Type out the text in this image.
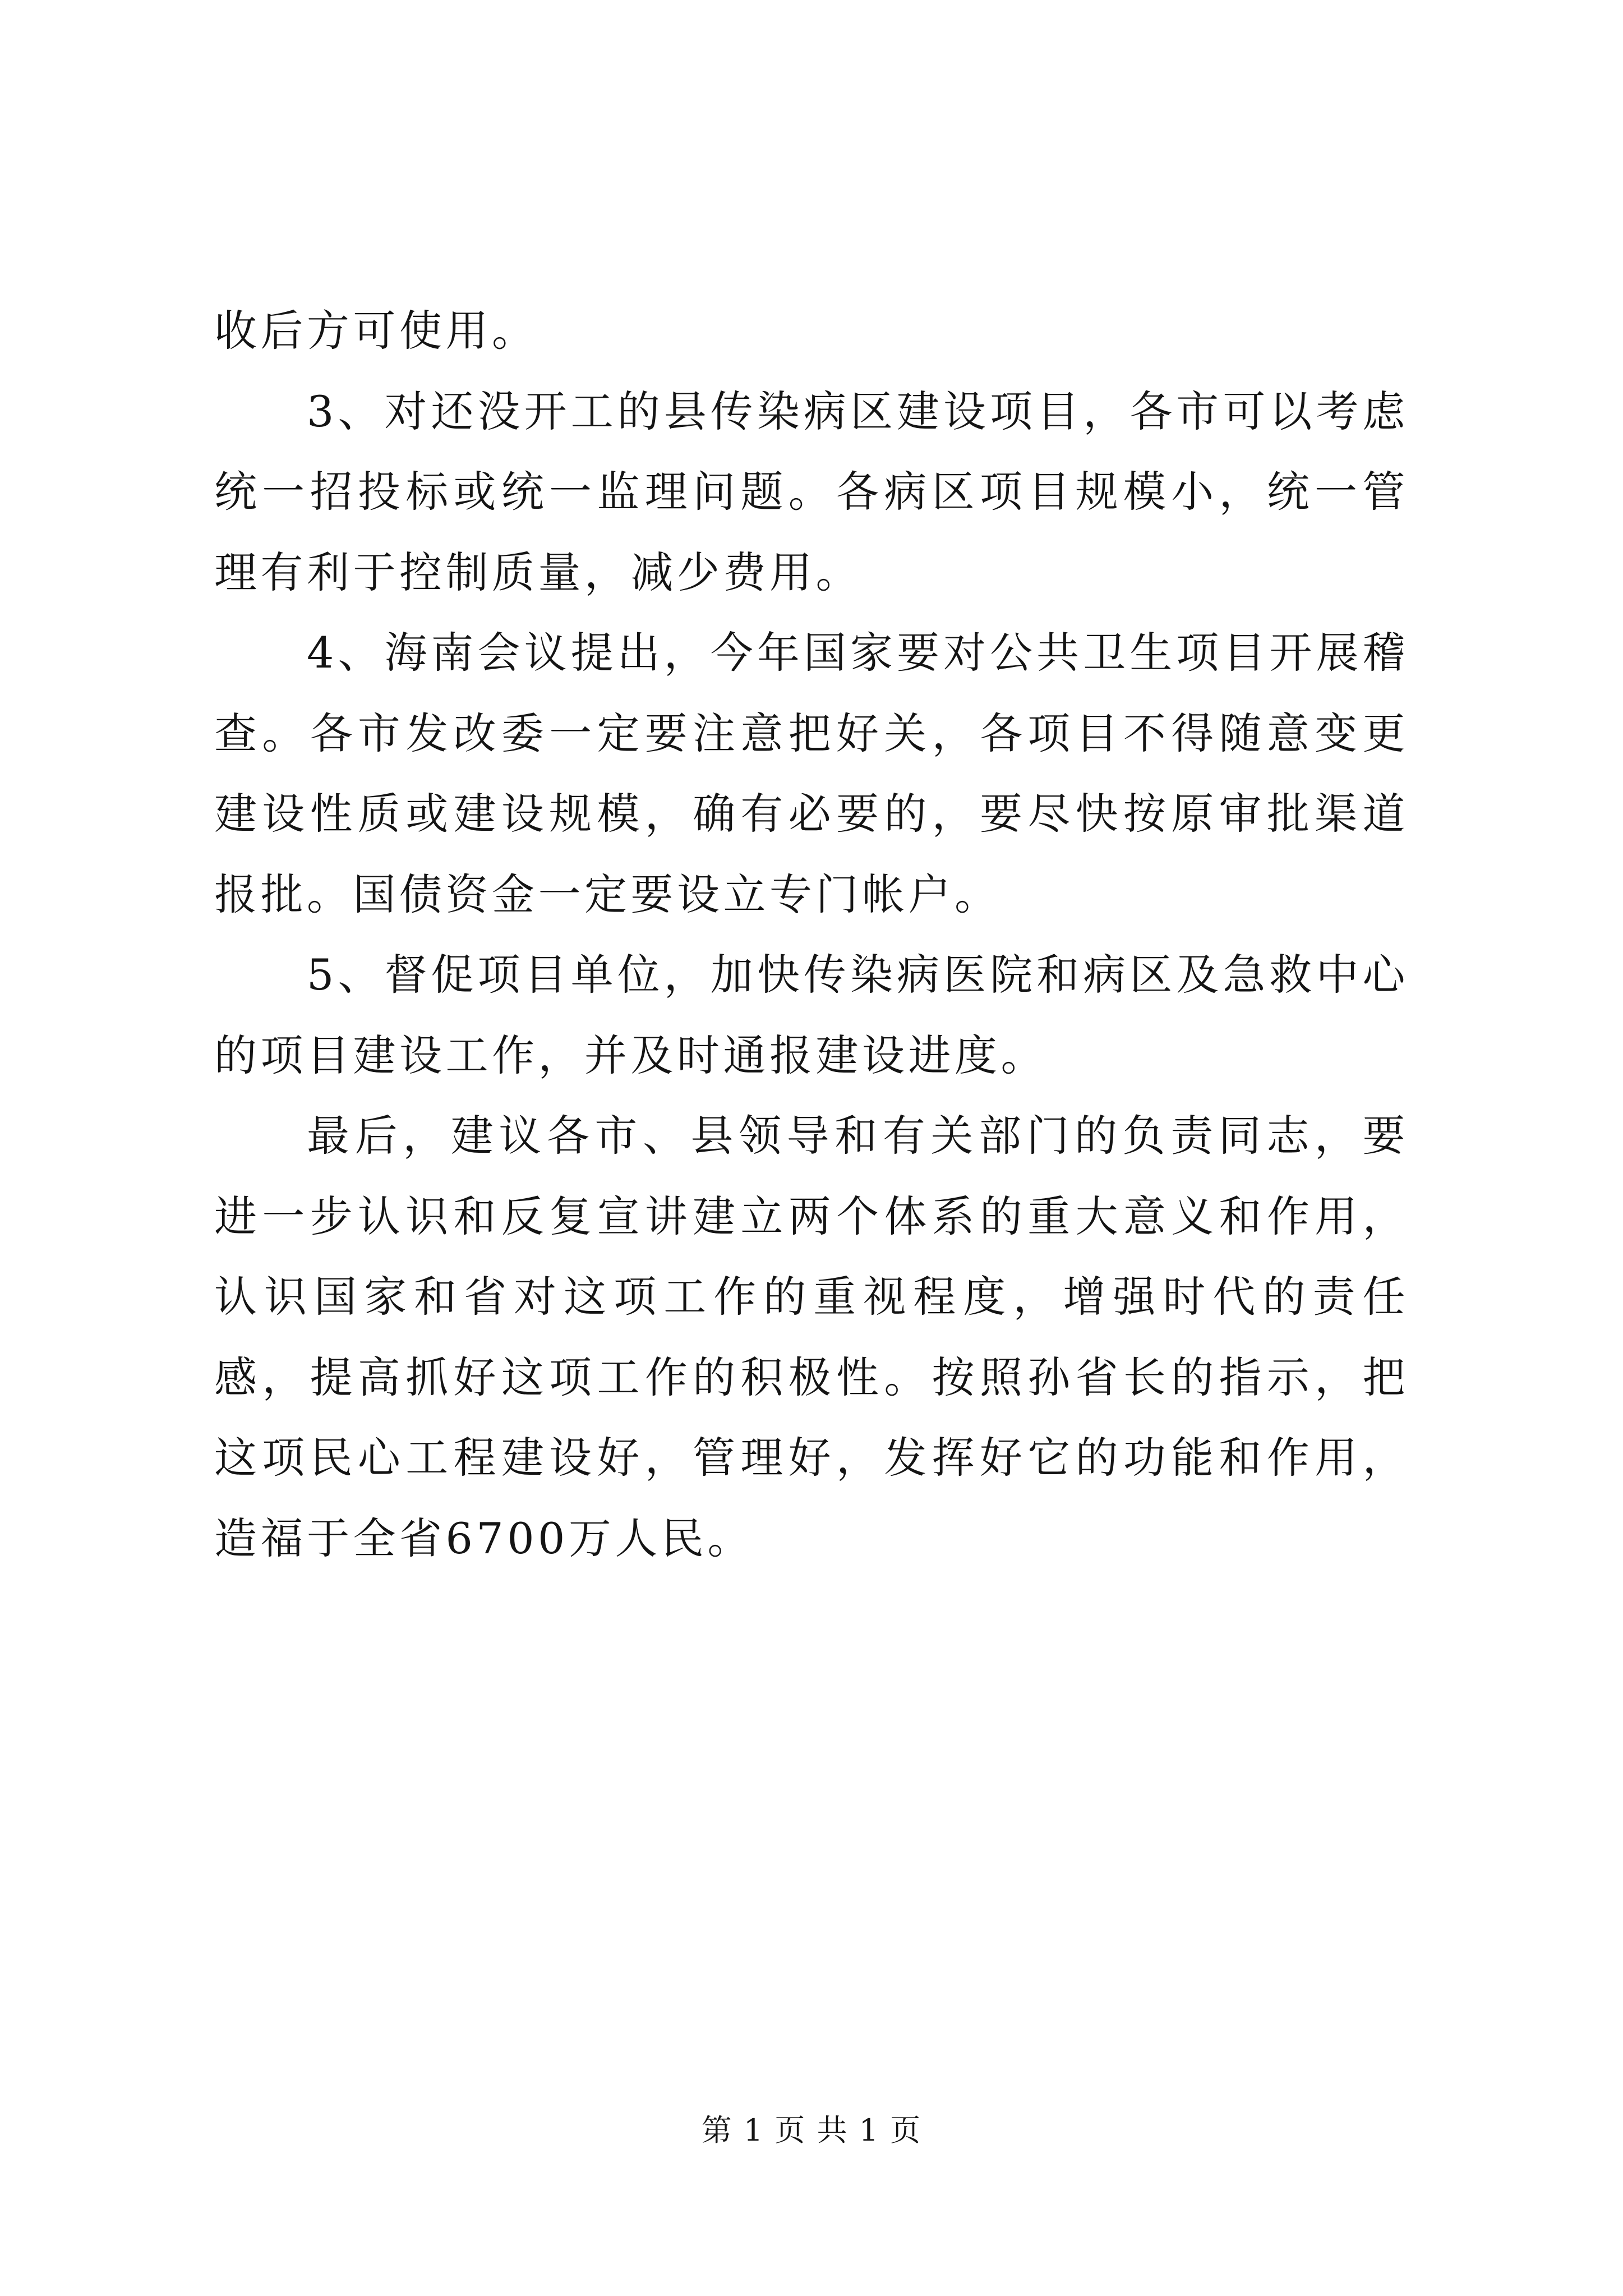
收后方可使用。

3、对还没开工的县传染病区建设项目，各市可以考虑统一招投标或统一监理问题。各病区项目规模小，统一管理有利于控制质量，减少费用。

4、海南会议提出，今年国家要对公共卫生项目开展稽查。各市发改委一定要注意把好关，各项目不得随意变更建设性质或建设规模，确有必要的，要尽快按原审批渠道报批。国债资金一定要设立专门帐户。

5、督促项目单位，加快传染病医院和病区及急救中心的项目建设工作，并及时通报建设进度。

最后，建议各市、县领导和有关部门的负责同志，要进一步认识和反复宣讲建立两个体系的重大意义和作用，认识国家和省对这项工作的重视程度，增强时代的责任感，提高抓好这项工作的积极性。按照孙省长的指示，把这项民心工程建设好，管理好，发挥好它的功能和作用，造福于全省6700万人民。

第 1 页 共 1 页
